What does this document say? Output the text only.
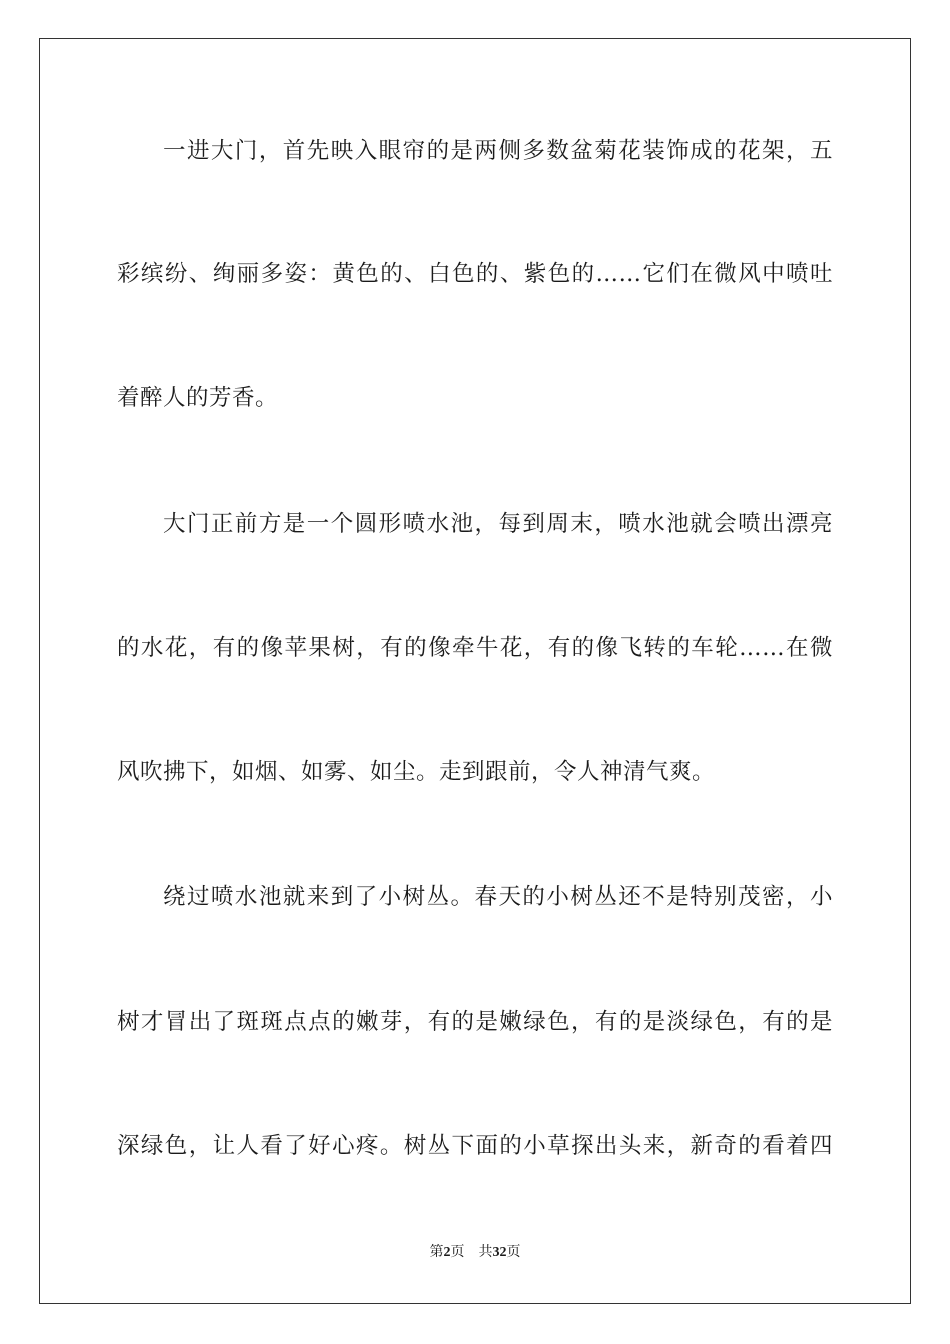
一进大门，首先映入眼帘的是两侧多数盆菊花装饰成的花架，五
彩缤纷、绚丽多姿：黄色的、白色的、紫色的……它们在微风中喷吐
着醉人的芳香。
大门正前方是一个圆形喷水池，每到周末，喷水池就会喷出漂亮
的水花，有的像苹果树，有的像牵牛花，有的像飞转的车轮……在微
风吹拂下，如烟、如雾、如尘。走到跟前，令人神清气爽。
绕过喷水池就来到了小树丛。春天的小树丛还不是特别茂密，小
树才冒出了斑斑点点的嫩芽，有的是嫩绿色，有的是淡绿色，有的是
深绿色，让人看了好心疼。树丛下面的小草探出头来，新奇的看着四
第2页 共32页
